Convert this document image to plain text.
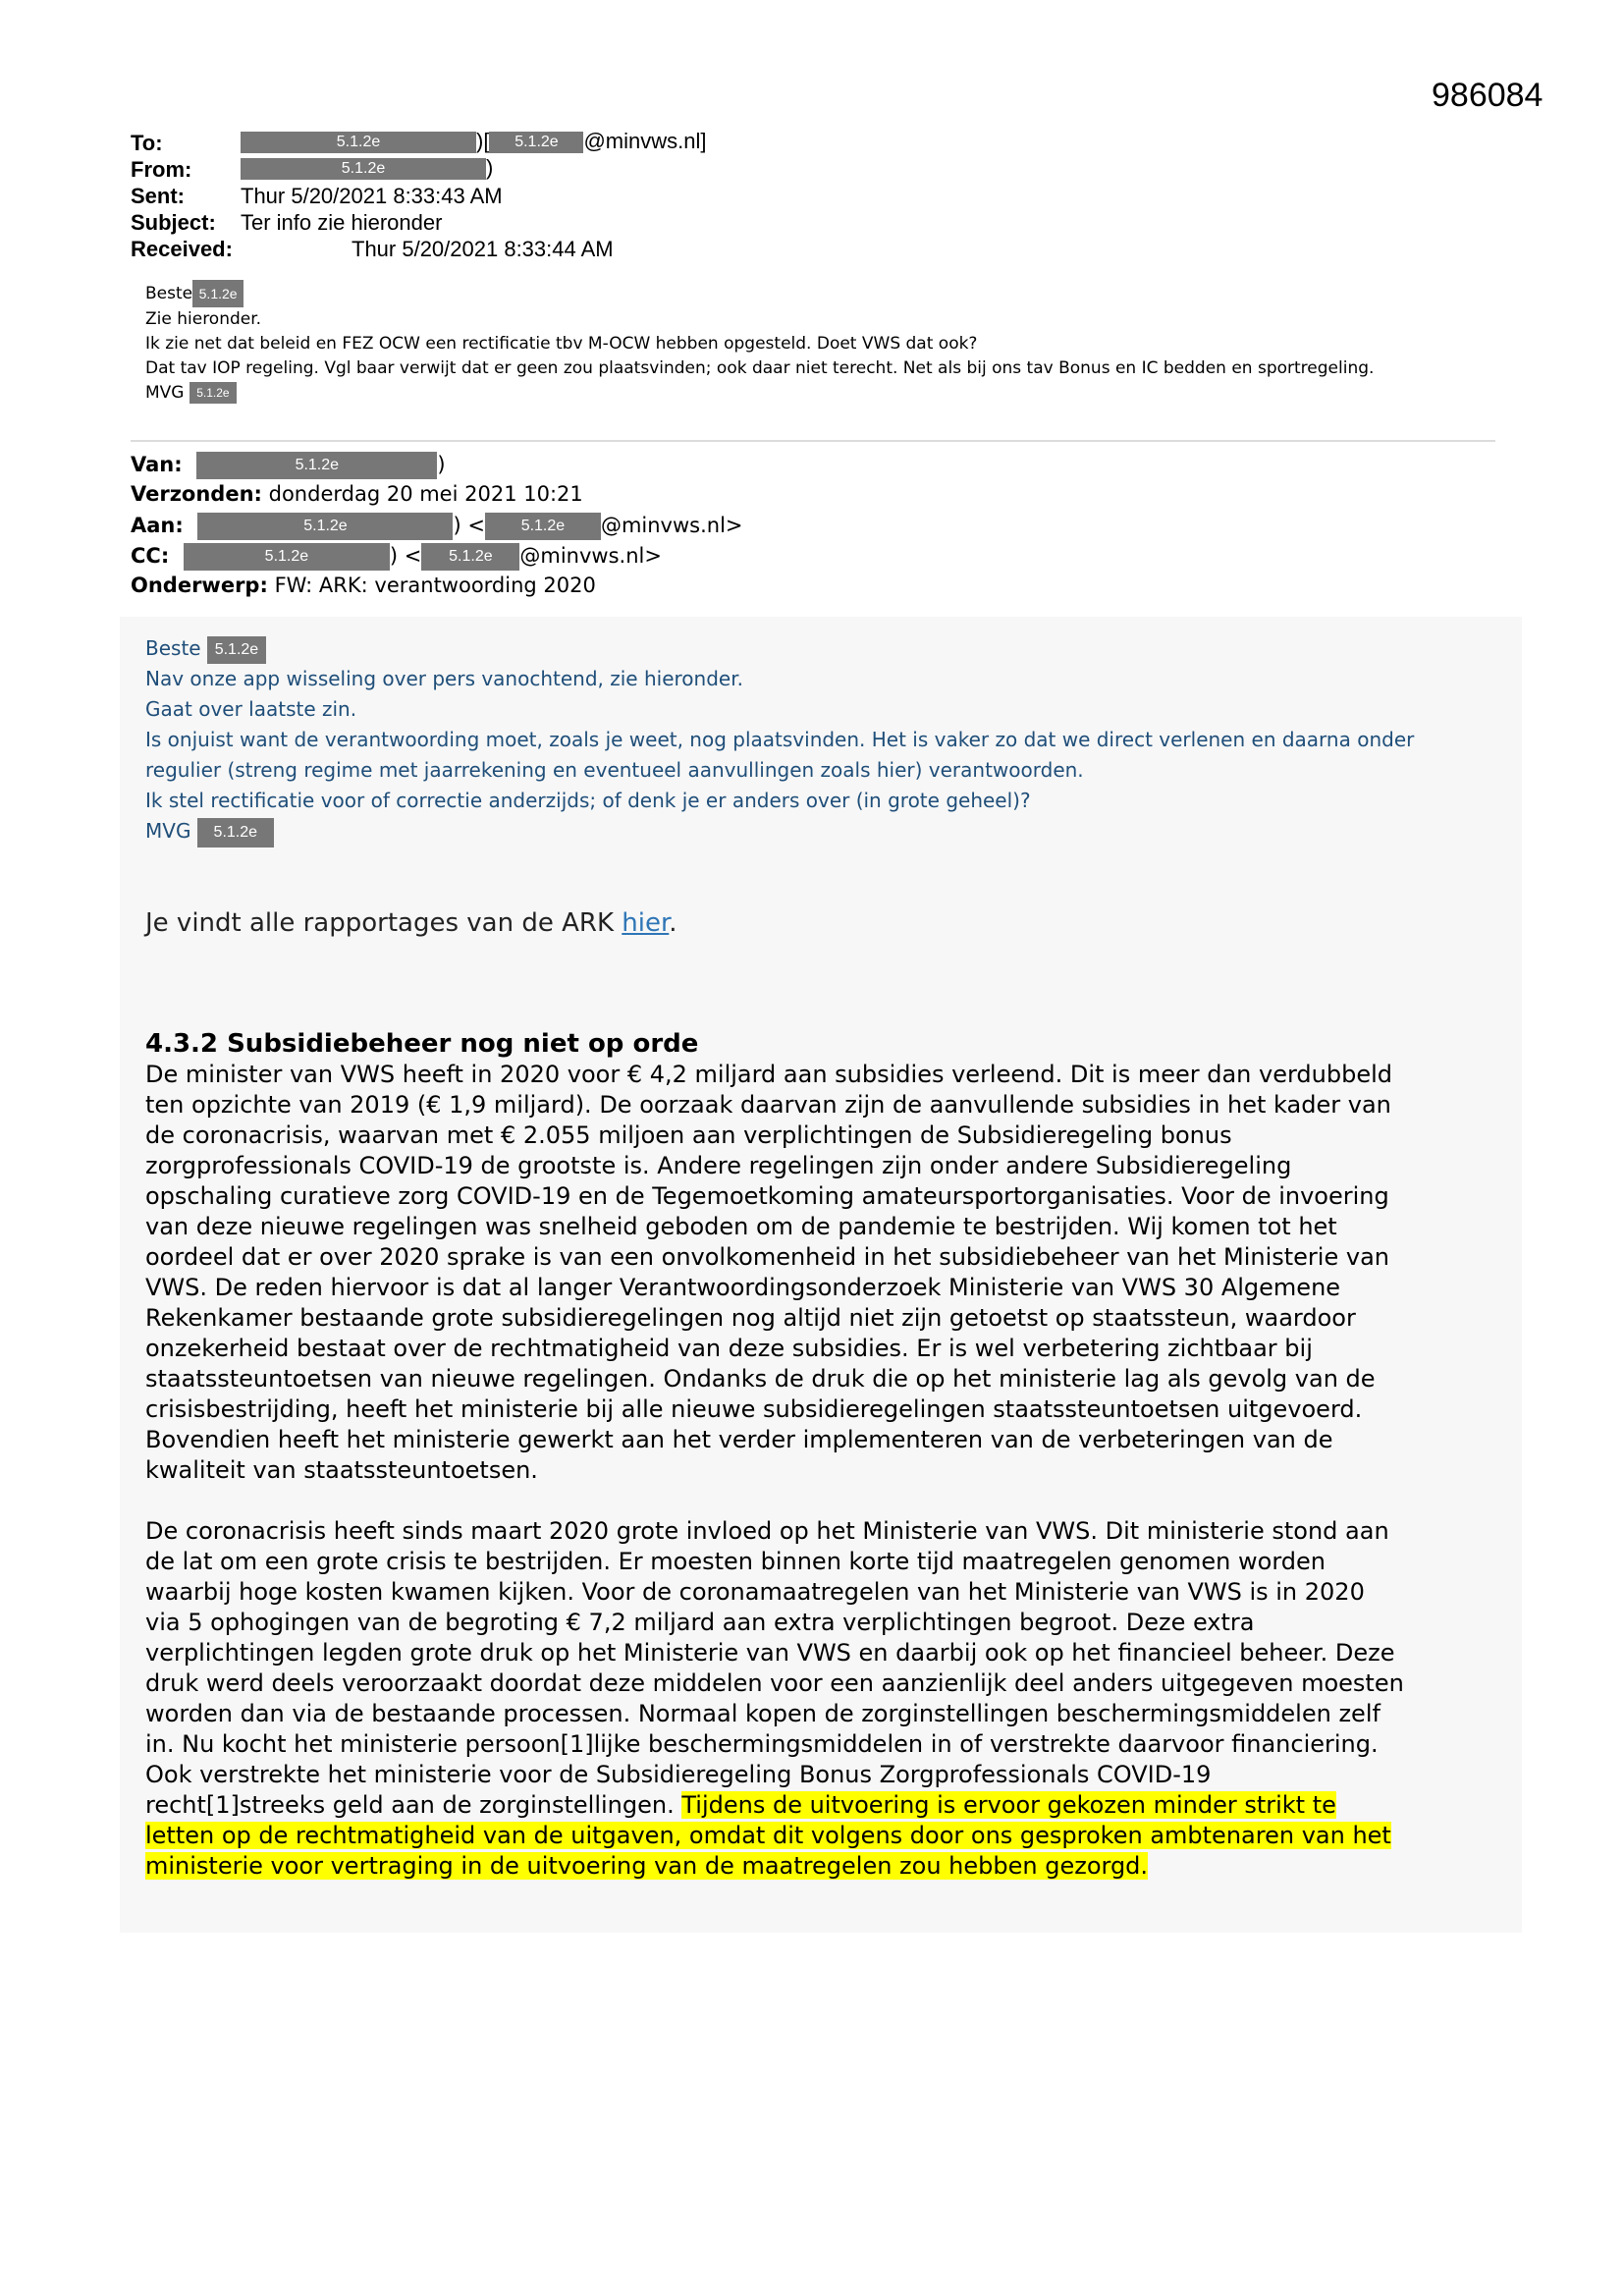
986084
To:	5.1.2e	)[ 5.1.2e @minvws.nl]
From:	5.1.2e	)
Sent:	Thur 5/20/2021 8:33:43 AM
Subject: Ter info zie hieronder
Received:	Thur 5/20/2021 8:33:44 AM
Beste 5.1.2e
Zie hieronder.
Ik zie net dat beleid en FEZ OCW een rectificatie tbv M-OCW hebben opgesteld. Doet VWS dat ook?
Dat tav IOP regeling. Vgl baar verwijt dat er geen zou plaatsvinden; ook daar niet terecht. Net als bij ons tav Bonus en IC bedden en sportregeling.
MVG 5.1.2e
Van:	5.1.2e	)
Verzonden: donderdag 20 mei 2021 10:21
Aan:	5.1.2e	) < 5.1.2e @minvws.nl>
CC:	5.1.2e	) < 5.1.2e @minvws.nl>
Onderwerp: FW: ARK: verantwoording 2020
Beste 5.1.2e
Nav onze app wisseling over pers vanochtend, zie hieronder.
Gaat over laatste zin.
Is onjuist want de verantwoording moet, zoals je weet, nog plaatsvinden. Het is vaker zo dat we direct verlenen en daarna onder
regulier (streng regime met jaarrekening en eventueel aanvullingen zoals hier) verantwoorden.
Ik stel rectificatie voor of correctie anderzijds; of denk je er anders over (in grote geheel)?
MVG 5.1.2e
Je vindt alle rapportages van de ARK hier.
4.3.2 Subsidiebeheer nog niet op orde
De minister van VWS heeft in 2020 voor € 4,2 miljard aan subsidies verleend. Dit is meer dan verdubbeld
ten opzichte van 2019 (€ 1,9 miljard). De oorzaak daarvan zijn de aanvullende subsidies in het kader van
de coronacrisis, waarvan met € 2.055 miljoen aan verplichtingen de Subsidieregeling bonus
zorgprofessionals COVID-19 de grootste is. Andere regelingen zijn onder andere Subsidieregeling
opschaling curatieve zorg COVID-19 en de Tegemoetkoming amateursportorganisaties. Voor de invoering
van deze nieuwe regelingen was snelheid geboden om de pandemie te bestrijden. Wij komen tot het
oordeel dat er over 2020 sprake is van een onvolkomenheid in het subsidiebeheer van het Ministerie van
VWS. De reden hiervoor is dat al langer Verantwoordingsonderzoek Ministerie van VWS 30 Algemene
Rekenkamer bestaande grote subsidieregelingen nog altijd niet zijn getoetst op staatssteun, waardoor
onzekerheid bestaat over de rechtmatigheid van deze subsidies. Er is wel verbetering zichtbaar bij
staatssteuntoetsen van nieuwe regelingen. Ondanks de druk die op het ministerie lag als gevolg van de
crisisbestrijding, heeft het ministerie bij alle nieuwe subsidieregelingen staatssteuntoetsen uitgevoerd.
Bovendien heeft het ministerie gewerkt aan het verder implementeren van de verbeteringen van de
kwaliteit van staatssteuntoetsen.
De coronacrisis heeft sinds maart 2020 grote invloed op het Ministerie van VWS. Dit ministerie stond aan
de lat om een grote crisis te bestrijden. Er moesten binnen korte tijd maatregelen genomen worden
waarbij hoge kosten kwamen kijken. Voor de coronamaatregelen van het Ministerie van VWS is in 2020
via 5 ophogingen van de begroting € 7,2 miljard aan extra verplichtingen begroot. Deze extra
verplichtingen legden grote druk op het Ministerie van VWS en daarbij ook op het financieel beheer. Deze
druk werd deels veroorzaakt doordat deze middelen voor een aanzienlijk deel anders uitgegeven moesten
worden dan via de bestaande processen. Normaal kopen de zorginstellingen beschermingsmiddelen zelf
in. Nu kocht het ministerie persoon[1]lijke beschermingsmiddelen in of verstrekte daarvoor financiering.
Ook verstrekte het ministerie voor de Subsidieregeling Bonus Zorgprofessionals COVID-19
recht[1]streeks geld aan de zorginstellingen. Tijdens de uitvoering is ervoor gekozen minder strikt te
letten op de rechtmatigheid van de uitgaven, omdat dit volgens door ons gesproken ambtenaren van het
ministerie voor vertraging in de uitvoering van de maatregelen zou hebben gezorgd.
